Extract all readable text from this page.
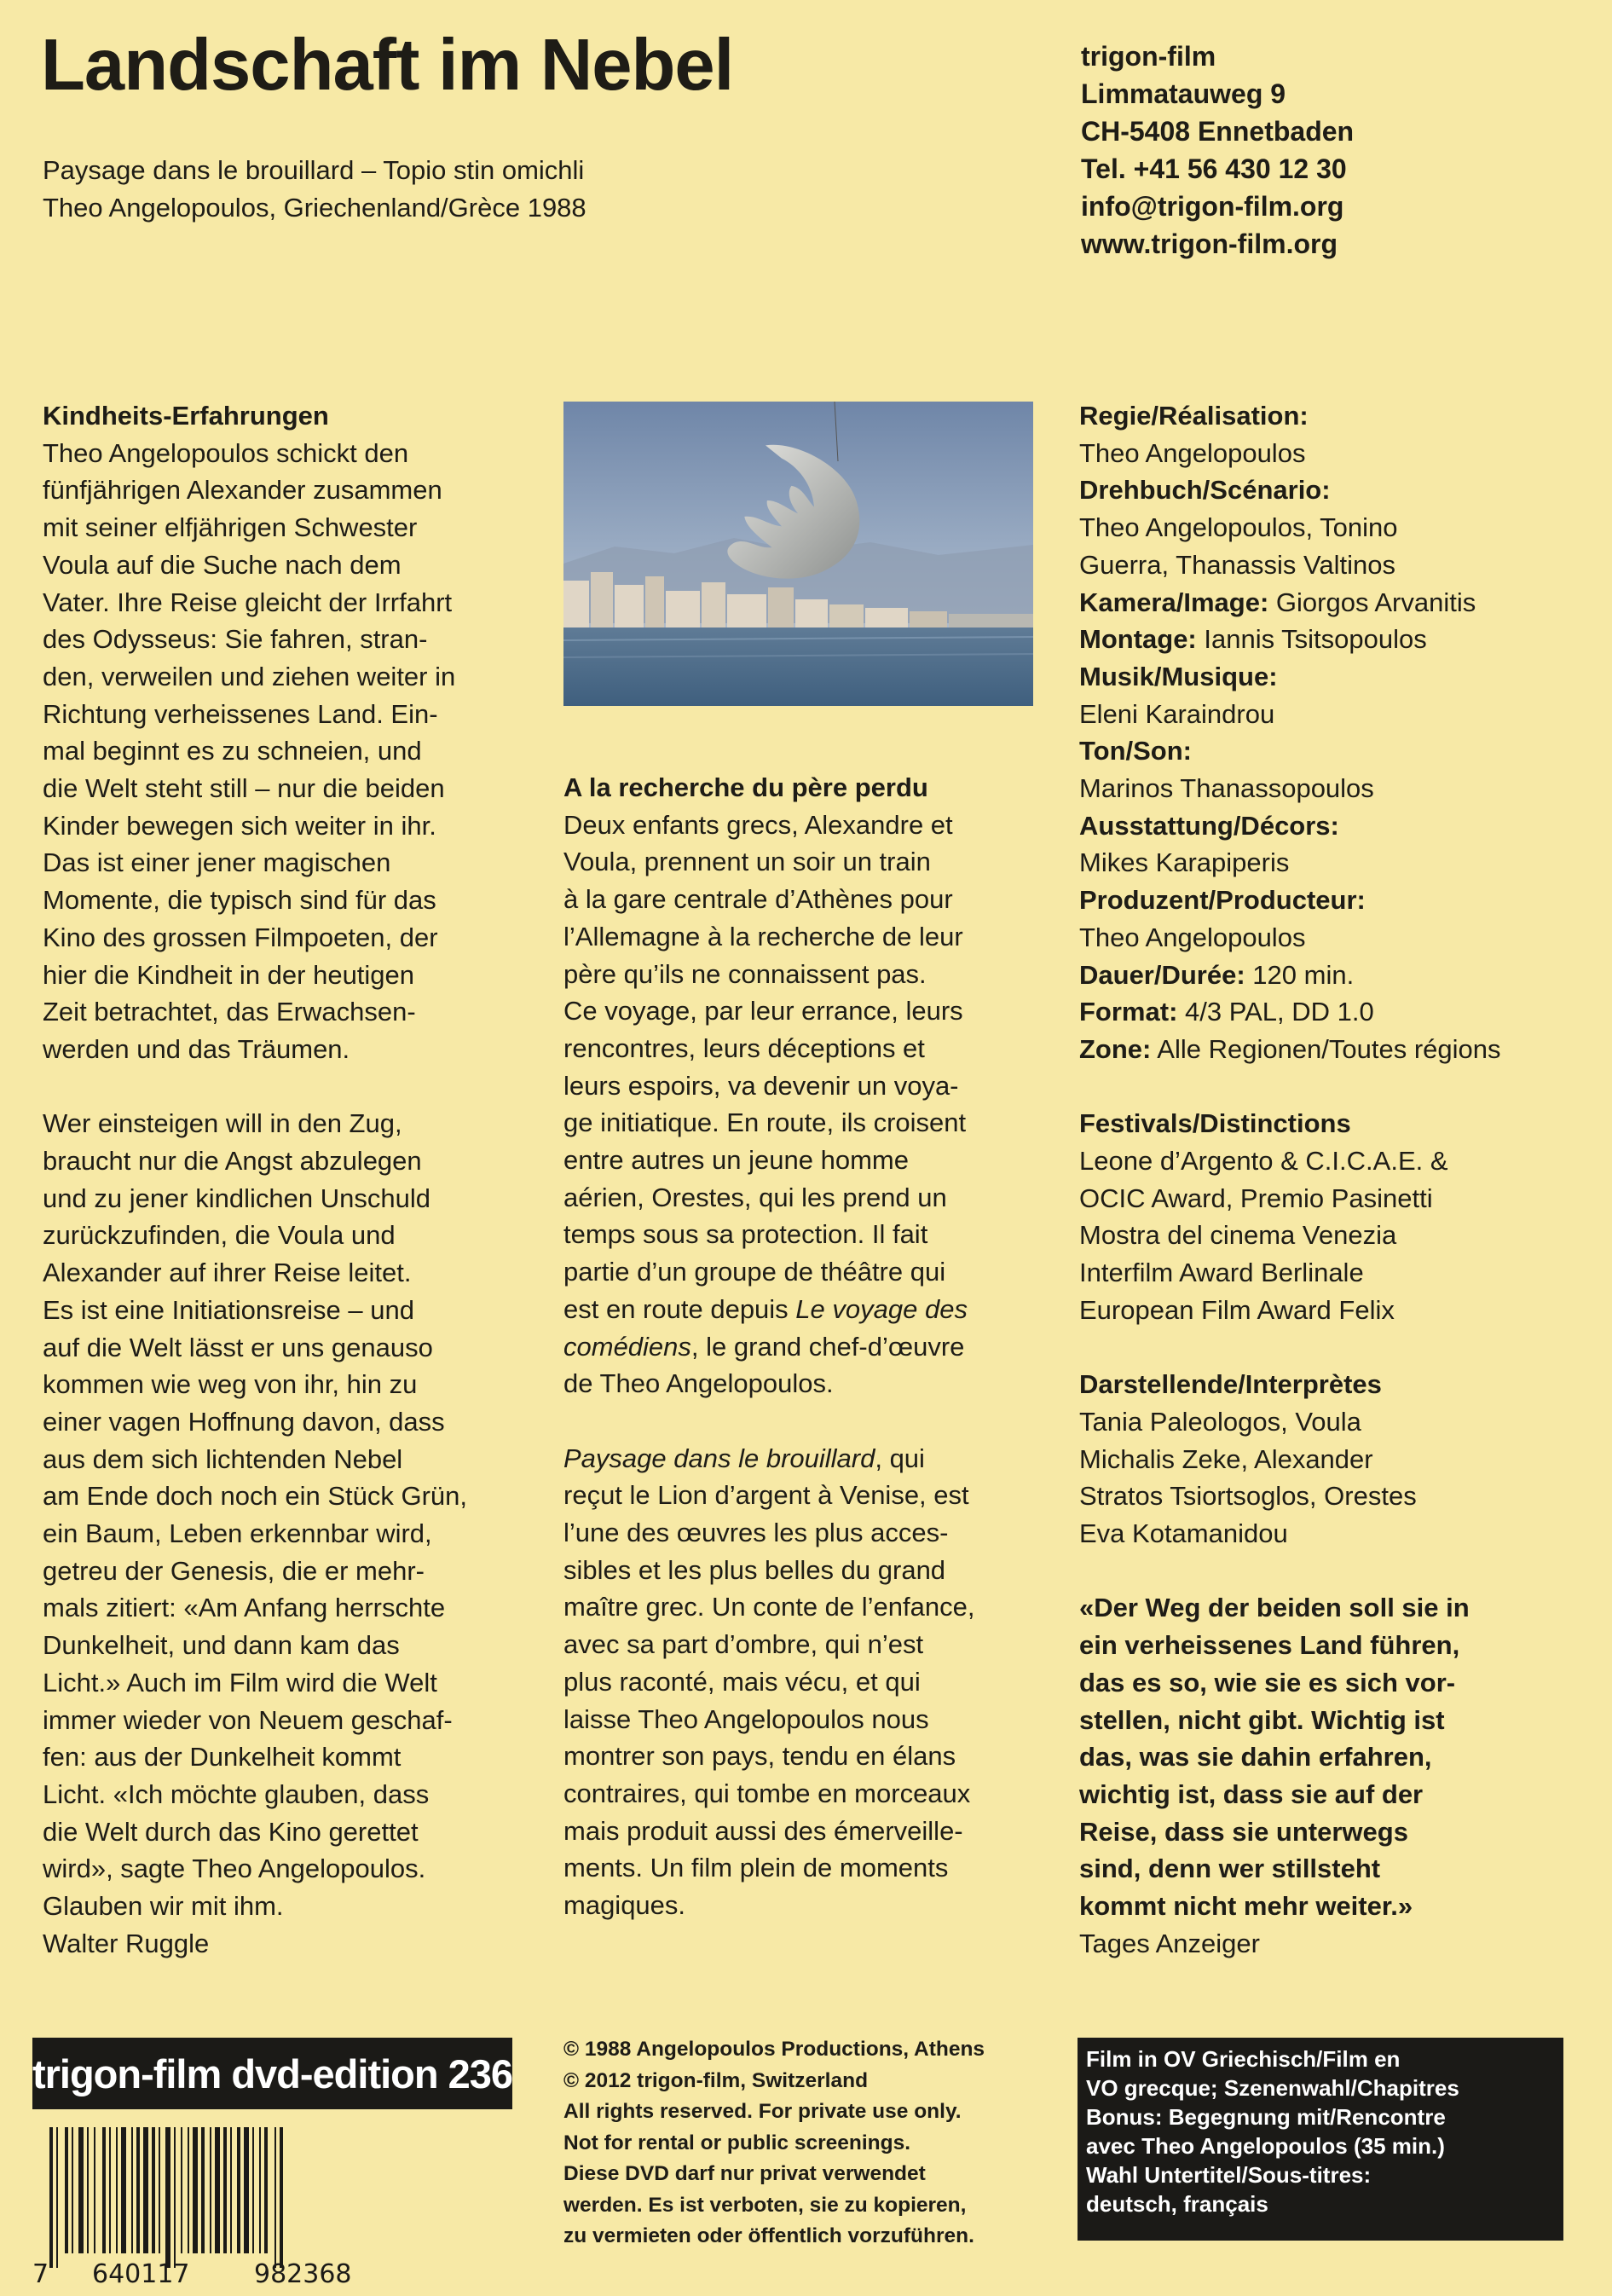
Landschaft im Nebel
Paysage dans le brouillard – Topio stin omichli
Theo Angelopoulos, Griechenland/Grèce 1988
trigon-film
Limmatauweg 9
CH-5408 Ennetbaden
Tel. +41 56 430 12 30
info@trigon-film.org
www.trigon-film.org
Kindheits-Erfahrungen
Theo Angelopoulos schickt den
fünfjährigen Alexander zusammen
mit seiner elfjährigen Schwester
Voula auf die Suche nach dem
Vater. Ihre Reise gleicht der Irrfahrt
des Odysseus: Sie fahren, stran-
den, verweilen und ziehen weiter in
Richtung verheissenes Land. Ein-
mal beginnt es zu schneien, und
die Welt steht still – nur die beiden
Kinder bewegen sich weiter in ihr.
Das ist einer jener magischen
Momente, die typisch sind für das
Kino des grossen Filmpoeten, der
hier die Kindheit in der heutigen
Zeit betrachtet, das Erwachsen-
werden und das Träumen.
Wer einsteigen will in den Zug,
braucht nur die Angst abzulegen
und zu jener kindlichen Unschuld
zurückzufinden, die Voula und
Alexander auf ihrer Reise leitet.
Es ist eine Initiationsreise – und
auf die Welt lässt er uns genauso
kommen wie weg von ihr, hin zu
einer vagen Hoffnung davon, dass
aus dem sich lichtenden Nebel
am Ende doch noch ein Stück Grün,
ein Baum, Leben erkennbar wird,
getreu der Genesis, die er mehr-
mals zitiert: «Am Anfang herrschte
Dunkelheit, und dann kam das
Licht.» Auch im Film wird die Welt
immer wieder von Neuem geschaf-
fen: aus der Dunkelheit kommt
Licht. «Ich möchte glauben, dass
die Welt durch das Kino gerettet
wird», sagte Theo Angelopoulos.
Glauben wir mit ihm.
Walter Ruggle
A la recherche du père perdu
Deux enfants grecs, Alexandre et
Voula, prennent un soir un train
à la gare centrale d’Athènes pour
l’Allemagne à la recherche de leur
père qu’ils ne connaissent pas.
Ce voyage, par leur errance, leurs
rencontres, leurs déceptions et
leurs espoirs, va devenir un voya-
ge initiatique. En route, ils croisent
entre autres un jeune homme
aérien, Orestes, qui les prend un
temps sous sa protection. Il fait
partie d’un groupe de théâtre qui
est en route depuis Le voyage des
comédiens, le grand chef-d’œuvre
de Theo Angelopoulos.
Paysage dans le brouillard, qui
reçut le Lion d’argent à Venise, est
l’une des œuvres les plus acces-
sibles et les plus belles du grand
maître grec. Un conte de l’enfance,
avec sa part d’ombre, qui n’est
plus raconté, mais vécu, et qui
laisse Theo Angelopoulos nous
montrer son pays, tendu en élans
contraires, qui tombe en morceaux
mais produit aussi des émerveille-
ments. Un film plein de moments
magiques.
Regie/Réalisation:
Theo Angelopoulos
Drehbuch/Scénario:
Theo Angelopoulos, Tonino
Guerra, Thanassis Valtinos
Kamera/Image: Giorgos Arvanitis
Montage: Iannis Tsitsopoulos
Musik/Musique:
Eleni Karaindrou
Ton/Son:
Marinos Thanassopoulos
Ausstattung/Décors:
Mikes Karapiperis
Produzent/Producteur:
Theo Angelopoulos
Dauer/Durée: 120 min.
Format: 4/3 PAL, DD 1.0
Zone: Alle Regionen/Toutes régions
Festivals/Distinctions
Leone d’Argento & C.I.C.A.E. &
OCIC Award, Premio Pasinetti
Mostra del cinema Venezia
Interfilm Award Berlinale
European Film Award Felix
Darstellende/Interprètes
Tania Paleologos, Voula
Michalis Zeke, Alexander
Stratos Tsiortsoglos, Orestes
Eva Kotamanidou
«Der Weg der beiden soll sie in
ein verheissenes Land führen,
das es so, wie sie es sich vor-
stellen, nicht gibt. Wichtig ist
das, was sie dahin erfahren,
wichtig ist, dass sie auf der
Reise, dass sie unterwegs
sind, denn wer stillsteht
kommt nicht mehr weiter.»
Tages Anzeiger
trigon-film dvd-edition 236
7 640117	982368
© 1988 Angelopoulos Productions, Athens
© 2012 trigon-film, Switzerland
All rights reserved. For private use only.
Not for rental or public screenings.
Diese DVD darf nur privat verwendet
werden. Es ist verboten, sie zu kopieren,
zu vermieten oder öffentlich vorzuführen.
Film in OV Griechisch/Film en
VO grecque; Szenenwahl/Chapitres
Bonus: Begegnung mit/Rencontre
avec Theo Angelopoulos (35 min.)
Wahl Untertitel/Sous-titres:
deutsch, français
